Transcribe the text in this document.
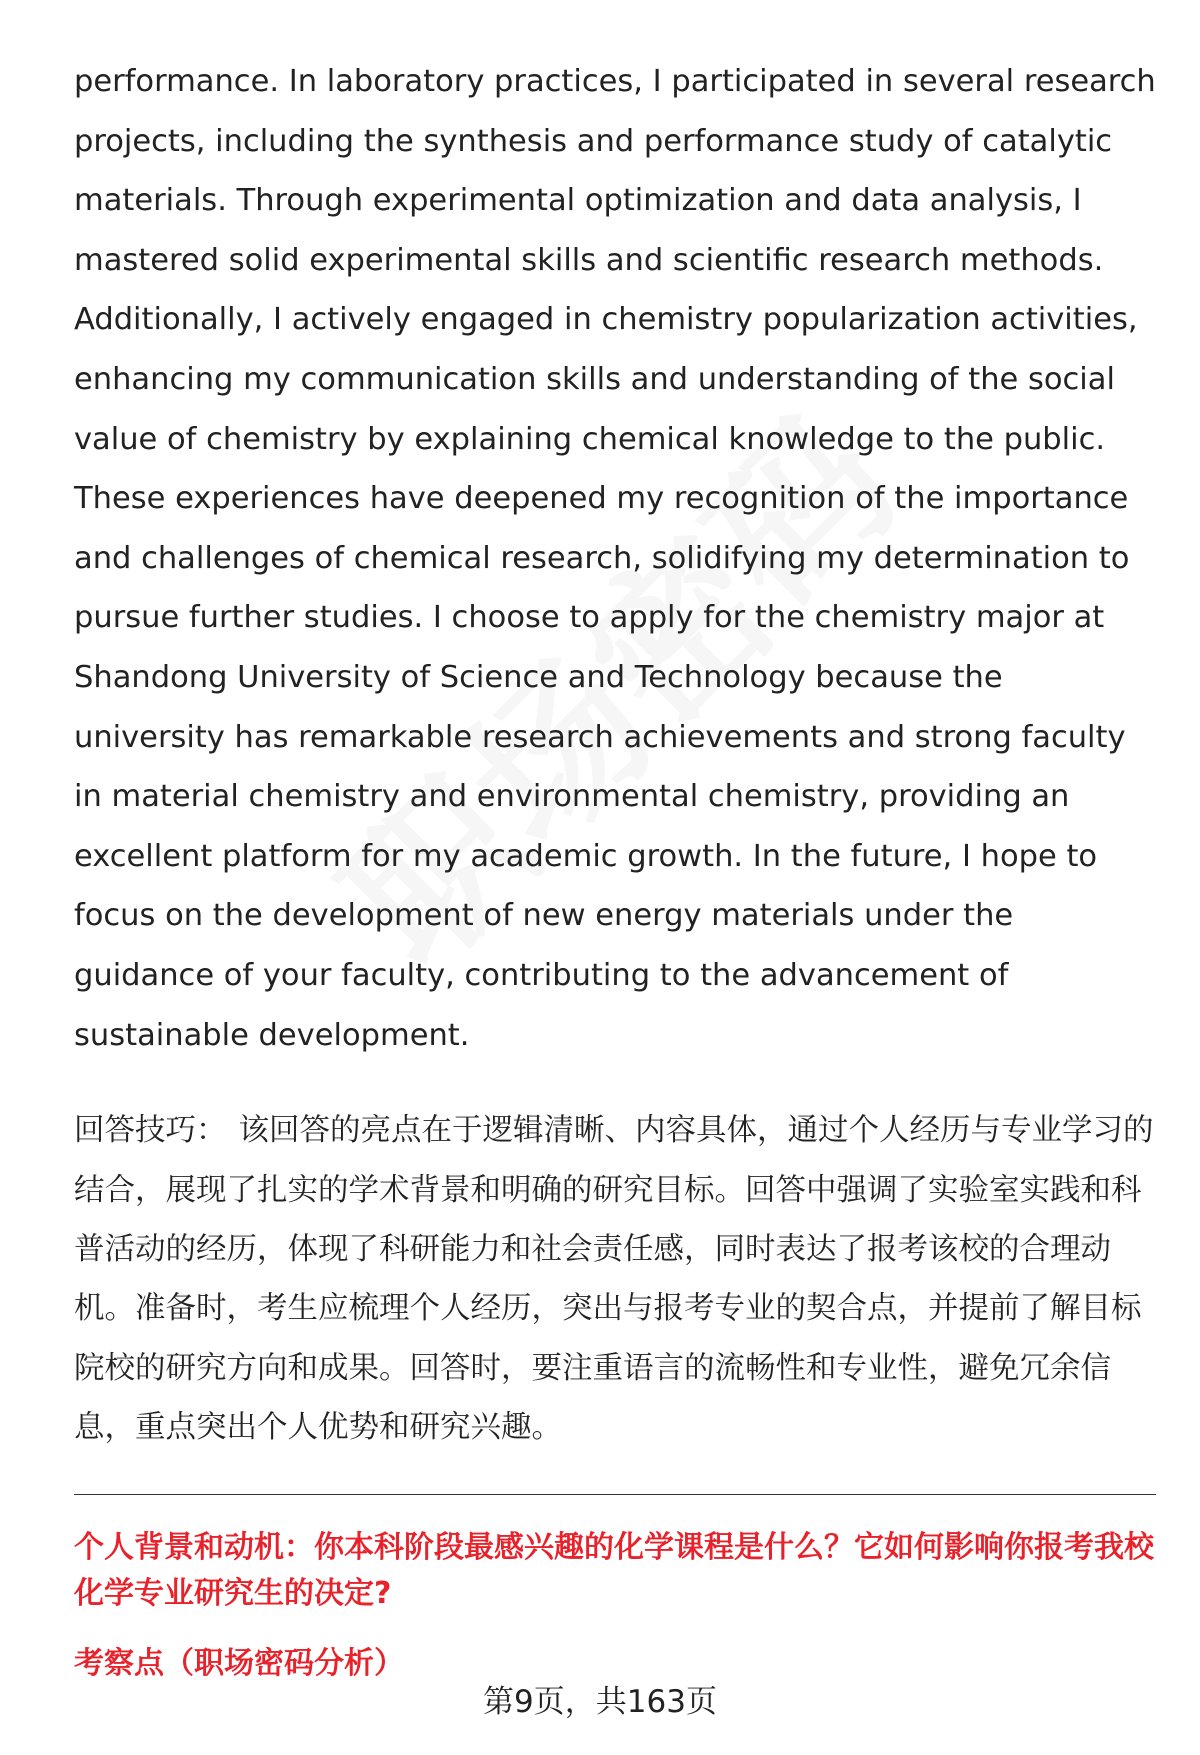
performance. In laboratory practices, I participated in several research projects, including the synthesis and performance study of catalytic materials. Through experimental optimization and data analysis, I mastered solid experimental skills and scientific research methods. Additionally, I actively engaged in chemistry popularization activities, enhancing my communication skills and understanding of the social value of chemistry by explaining chemical knowledge to the public. These experiences have deepened my recognition of the importance and challenges of chemical research, solidifying my determination to pursue further studies. I choose to apply for the chemistry major at Shandong University of Science and Technology because the university has remarkable research achievements and strong faculty in material chemistry and environmental chemistry, providing an excellent platform for my academic growth. In the future, I hope to focus on the development of new energy materials under the guidance of your faculty, contributing to the advancement of sustainable development.

回答技巧： 该回答的亮点在于逻辑清晰、内容具体，通过个人经历与专业学习的结合，展现了扎实的学术背景和明确的研究目标。回答中强调了实验室实践和科普活动的经历，体现了科研能力和社会责任感，同时表达了报考该校的合理动机。准备时，考生应梳理个人经历，突出与报考专业的契合点，并提前了解目标院校的研究方向和成果。回答时，要注重语言的流畅性和专业性，避免冗余信息，重点突出个人优势和研究兴趣。

个人背景和动机：你本科阶段最感兴趣的化学课程是什么？它如何影响你报考我校化学专业研究生的决定?

考察点（职场密码分析）

第9页，共163页
